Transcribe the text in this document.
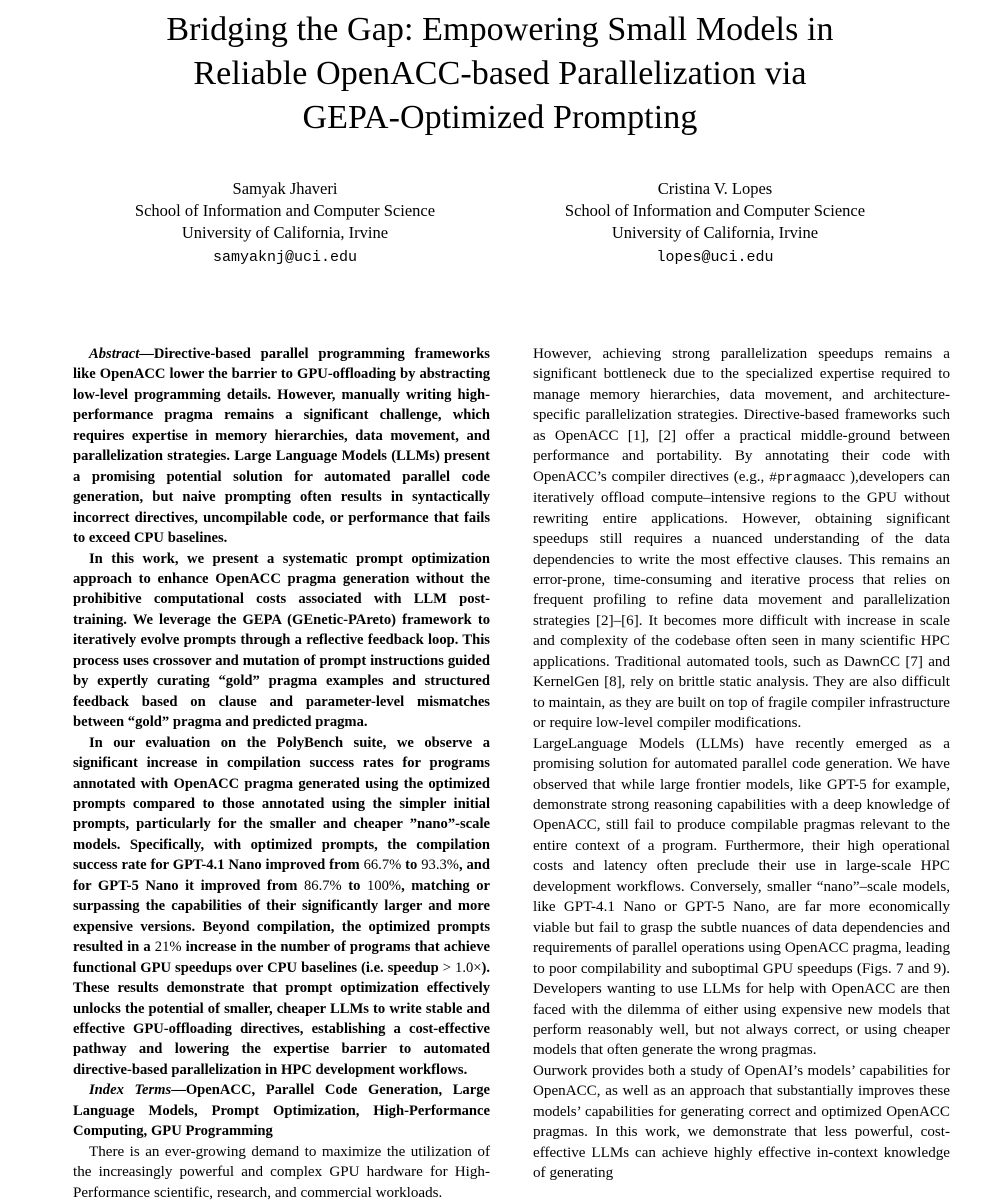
Bridging the Gap: Empowering Small Models in
Reliable OpenACC-based Parallelization via
GEPA-Optimized Prompting
Samyak Jhaveri
School of Information and Computer Science
University of California, Irvine
samyaknj@uci.edu
Cristina V. Lopes
School of Information and Computer Science
University of California, Irvine
lopes@uci.edu

Abstract—Directive-based parallel programming frameworks like OpenACC lower the barrier to GPU-offloading by abstracting low-level programming details. However, manually writing high-performance pragma remains a significant challenge, which requires expertise in memory hierarchies, data movement, and parallelization strategies. Large Language Models (LLMs) present a promising potential solution for automated parallel code generation, but naive prompting often results in syntactically incorrect directives, uncompilable code, or performance that fails to exceed CPU baselines.

In this work, we present a systematic prompt optimization approach to enhance OpenACC pragma generation without the prohibitive computational costs associated with LLM post-training. We leverage the GEPA (GEnetic-PAreto) framework to iteratively evolve prompts through a reflective feedback loop. This process uses crossover and mutation of prompt instructions guided by expertly curating “gold” pragma examples and structured feedback based on clause and parameter-level mismatches between “gold” pragma and predicted pragma.

In our evaluation on the PolyBench suite, we observe a significant increase in compilation success rates for programs annotated with OpenACC pragma generated using the optimized prompts compared to those annotated using the simpler initial prompts, particularly for the smaller and cheaper ”nano”-scale models. Specifically, with optimized prompts, the compilation success rate for GPT-4.1 Nano improved from 66.7% to 93.3%, and for GPT-5 Nano it improved from 86.7% to 100%, matching or surpassing the capabilities of their significantly larger and more expensive versions. Beyond compilation, the optimized prompts resulted in a 21% increase in the number of programs that achieve functional GPU speedups over CPU baselines (i.e. speedup > 1.0×). These results demonstrate that prompt optimization effectively unlocks the potential of smaller, cheaper LLMs to write stable and effective GPU-offloading directives, establishing a cost-effective pathway and lowering the expertise barrier to automated directive-based parallelization in HPC development workflows.

Index Terms—OpenACC, Parallel Code Generation, Large Language Models, Prompt Optimization, High-Performance Computing, GPU Programming

There is an ever-growing demand to maximize the utilization of the increasingly powerful and complex GPU hardware for High-Performance scientific, research, and commercial workloads.

However, achieving strong parallelization speedups remains a significant bottleneck due to the specialized expertise required to manage memory hierarchies, data movement, and architecture-specific parallelization strategies. Directive-based frameworks such as OpenACC [1], [2] offer a practical middle-ground between performance and portability. By annotating their code with OpenACC’s compiler directives (e.g., #pragmaacc ),developers can iteratively offload compute–intensive regions to the GPU without rewriting entire applications. However, obtaining significant speedups still requires a nuanced understanding of the data dependencies to write the most effective clauses. This remains an error-prone, time-consuming and iterative process that relies on frequent profiling to refine data movement and parallelization strategies [2]–[6]. It becomes more difficult with increase in scale and complexity of the codebase often seen in many scientific HPC applications. Traditional automated tools, such as DawnCC [7] and KernelGen [8], rely on brittle static analysis. They are also difficult to maintain, as they are built on top of fragile compiler infrastructure or require low-level compiler modifications.

LargeLanguage Models (LLMs) have recently emerged as a promising solution for automated parallel code generation. We have observed that while large frontier models, like GPT-5 for example, demonstrate strong reasoning capabilities with a deep knowledge of OpenACC, still fail to produce compilable pragmas relevant to the entire context of a program. Furthermore, their high operational costs and latency often preclude their use in large-scale HPC development workflows. Conversely, smaller “nano”–scale models, like GPT-4.1 Nano or GPT-5 Nano, are far more economically viable but fail to grasp the subtle nuances of data dependencies and requirements of parallel operations using OpenACC pragma, leading to poor compilability and suboptimal GPU speedups (Figs. 7 and 9). Developers wanting to use LLMs for help with OpenACC are then faced with the dilemma of either using expensive new models that perform reasonably well, but not always correct, or using cheaper models that often generate the wrong pragmas.

Ourwork provides both a study of OpenAI’s models’ capabilities for OpenACC, as well as an approach that substantially improves these models’ capabilities for generating correct and optimized OpenACC pragmas. In this work, we demonstrate that less powerful, cost-effective LLMs can achieve highly effective in-context knowledge of generating
